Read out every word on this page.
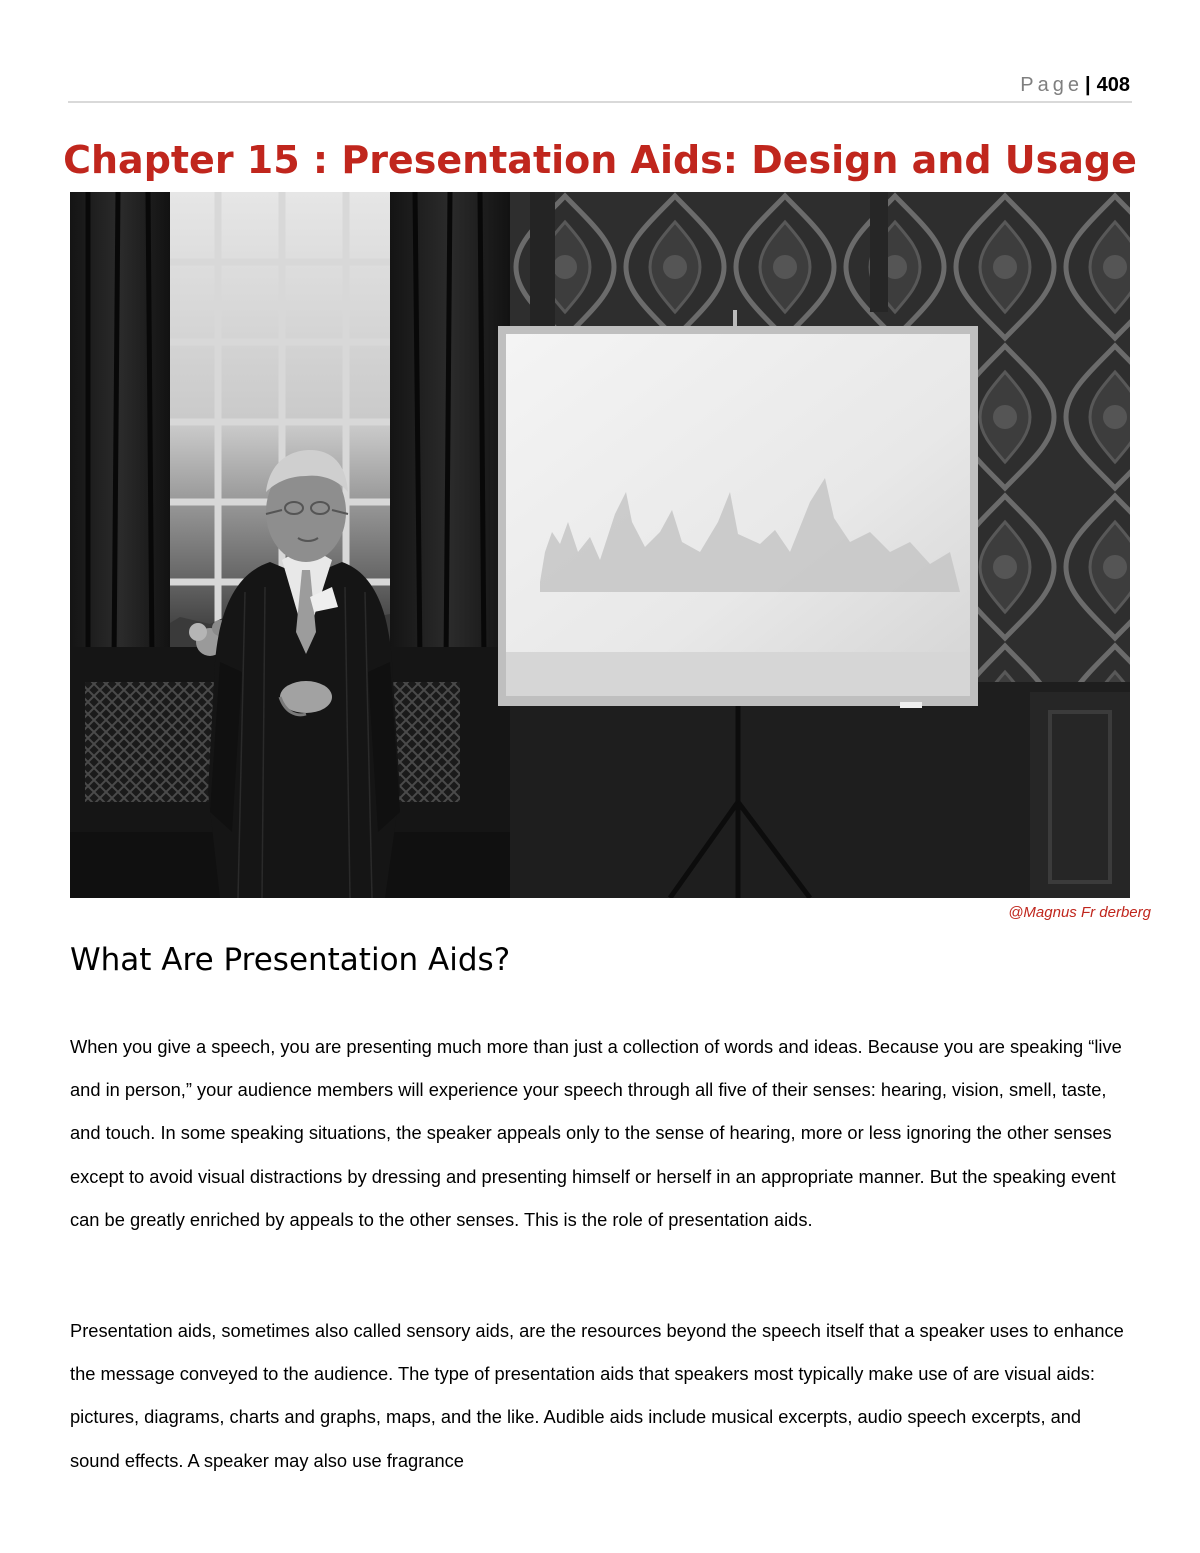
Page | 408
Chapter 15 : Presentation Aids: Design and Usage
@Magnus Fr derberg
What Are Presentation Aids?

When you give a speech, you are presenting much more than just a collection of words and ideas. Because you are speaking “live and in person,” your audience members will experience your speech through all five of their senses: hearing, vision, smell, taste, and touch. In some speaking situations, the speaker appeals only to the sense of hearing, more or less ignoring the other senses except to avoid visual distractions by dressing and presenting himself or herself in an appropriate manner. But the speaking event can be greatly enriched by appeals to the other senses. This is the role of presentation aids.

Presentation aids, sometimes also called sensory aids, are the resources beyond the speech itself that a speaker uses to enhance the message conveyed to the audience. The type of presentation aids that speakers most typically make use of are visual aids: pictures, diagrams, charts and graphs, maps, and the like. Audible aids include musical excerpts, audio speech excerpts, and sound effects. A speaker may also use fragrance
